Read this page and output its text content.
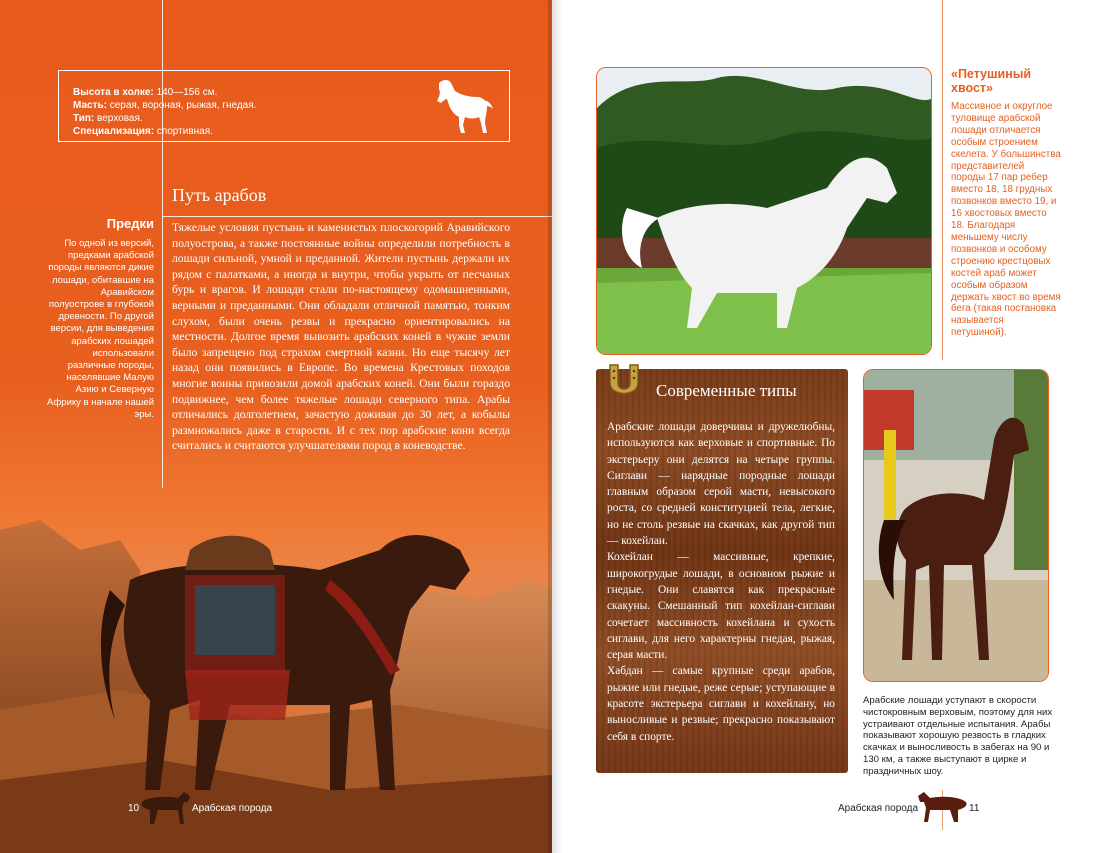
Высота в холке: 140—156 см.
Масть: серая, вороная, рыжая, гнедая.
Тип: верховая.
Специализация: спортивная.
Путь арабов
Предки
По одной из версий, предками арабской породы являются дикие лошади, обитавшие на Аравийском полуострове в глубокой древности. По другой версии, для выведения арабских лошадей использовали различные породы, населявшие Малую Азию и Северную Африку в начале нашей эры.
Тяжелые условия пустынь и каменистых плоскогорий Аравийского полуострова, а также постоянные войны определили потребность в лошади сильной, умной и преданной. Жители пустынь держали их рядом с палатками, а иногда и внутри, чтобы укрыть от песчаных бурь и врагов. И лошади стали по-настоящему одомашненными, верными и преданными. Они обладали отличной памятью, тонким слухом, были очень резвы и прекрасно ориентировались на местности. Долгое время вывозить арабских коней в чужие земли было запрещено под страхом смертной казни. Но еще тысячу лет назад они появились в Европе. Во времена Крестовых походов многие воины привозили домой арабских коней. Они были гораздо подвижнее, чем более тяжелые лошади северного типа. Арабы отличались долголетием, зачастую доживая до 30 лет, а кобылы размножались даже в старости. И с тех пор арабские кони всегда считались и считаются улучшателями пород в коневодстве.
10	Арабская порода
«Петушиный хвост»
Массивное и округлое туловище арабской лошади отличается особым строением скелета. У большинства представителей породы 17 пар ребер вместо 18, 18 грудных позвонков вместо 19, и 16 хвостовых вместо 18. Благодаря меньшему числу позвонков и особому строению крестцовых костей араб может особым образом держать хвост во время бега (такая постановка называется петушиной).
Современные типы

Арабские лошади доверчивы и дружелюбны, используются как верховые и спортивные. По экстерьеру они делятся на четыре группы. Сиглави — нарядные породные лошади главным образом серой масти, невысокого роста, со средней конституцией тела, легкие, но не столь резвые на скачках, как другой тип — кохейлан.

Кохейлан — массивные, крепкие, широкогрудые лошади, в основном рыжие и гнедые. Они славятся как прекрасные скакуны. Смешанный тип кохейлан-сиглави сочетает массивность кохейлана и сухость сиглави, для него характерны гнедая, рыжая, серая масти.

Хабдан — самые крупные среди арабов, рыжие или гнедые, реже серые; уступающие в красоте экстерьера сиглави и кохейлану, но выносливые и резвые; прекрасно показывают себя в спорте.

Арабские лошади уступают в скорости чистокровным верховым, поэтому для них устраивают отдельные испытания. Арабы показывают хорошую резвость в гладких скачках и выносливость в забегах на 90 и 130 км, а также выступают в цирке и праздничных шоу.
Арабская порода	11
